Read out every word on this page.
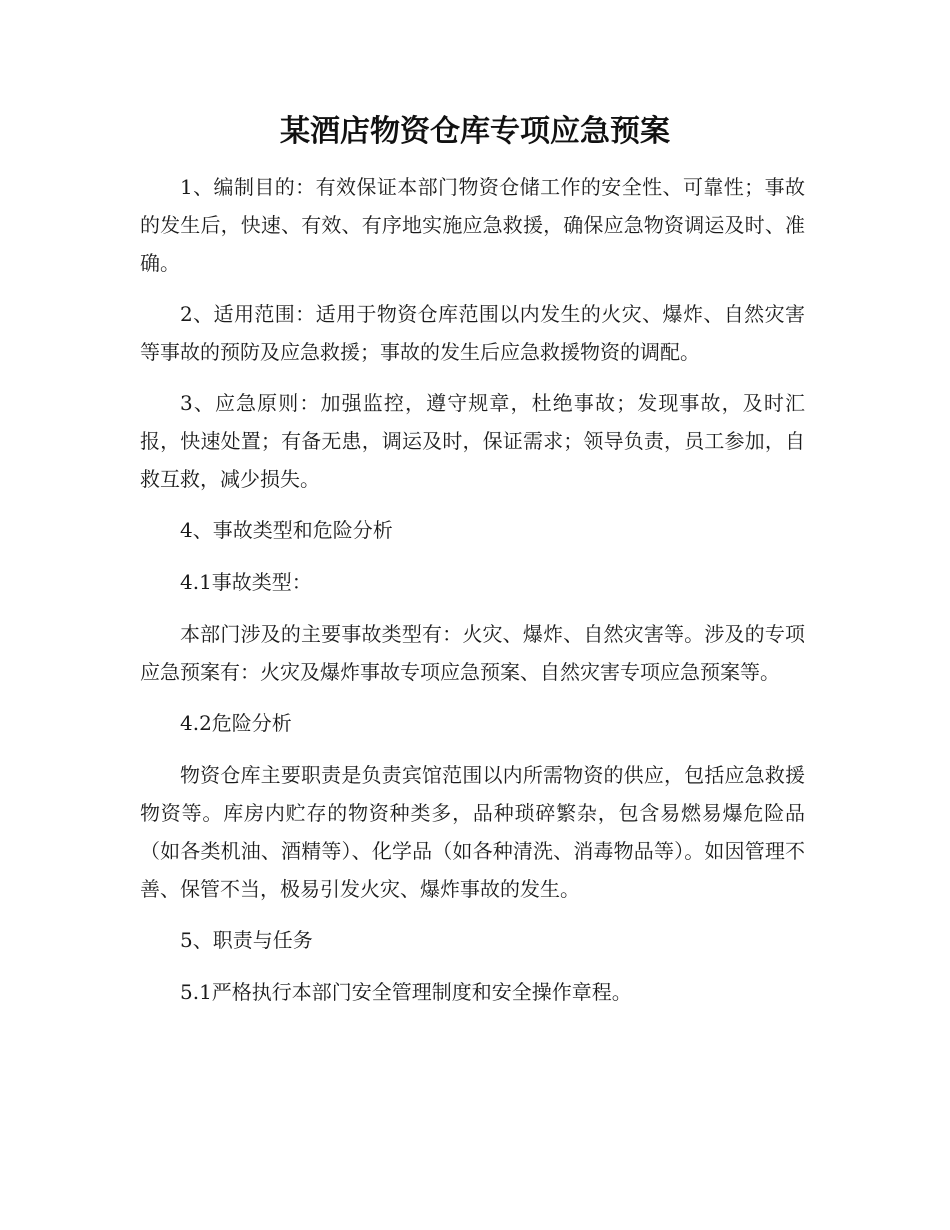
某酒店物资仓库专项应急预案

1、编制目的：有效保证本部门物资仓储工作的安全性、可靠性；事故的发生后，快速、有效、有序地实施应急救援，确保应急物资调运及时、准确。

2、适用范围：适用于物资仓库范围以内发生的火灾、爆炸、自然灾害等事故的预防及应急救援；事故的发生后应急救援物资的调配。

3、应急原则：加强监控，遵守规章，杜绝事故；发现事故，及时汇报，快速处置；有备无患，调运及时，保证需求；领导负责，员工参加，自救互救，减少损失。

4、事故类型和危险分析

4.1事故类型：

本部门涉及的主要事故类型有：火灾、爆炸、自然灾害等。涉及的专项应急预案有：火灾及爆炸事故专项应急预案、自然灾害专项应急预案等。

4.2危险分析

物资仓库主要职责是负责宾馆范围以内所需物资的供应，包括应急救援物资等。库房内贮存的物资种类多，品种琐碎繁杂，包含易燃易爆危险品（如各类机油、酒精等）、化学品（如各种清洗、消毒物品等）。如因管理不善、保管不当，极易引发火灾、爆炸事故的发生。

5、职责与任务

5.1严格执行本部门安全管理制度和安全操作章程。
